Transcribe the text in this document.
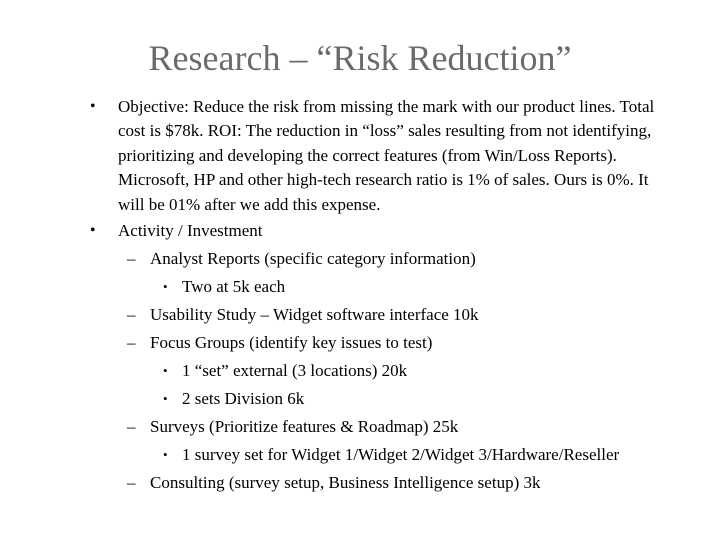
Research – “Risk Reduction”
• Objective: Reduce the risk from missing the mark with our product lines. Total
cost is $78k. ROI: The reduction in “loss” sales resulting from not identifying,
prioritizing and developing the correct features (from Win/Loss Reports).
Microsoft, HP and other high-tech research ratio is 1% of sales. Ours is 0%. It
will be 01% after we add this expense.
• Activity / Investment
– Analyst Reports (specific category information)
• Two at 5k each
– Usability Study – Widget software interface 10k
– Focus Groups (identify key issues to test)
• 1 “set” external (3 locations) 20k
• 2 sets Division 6k
– Surveys (Prioritize features & Roadmap) 25k
• 1 survey set for Widget 1/Widget 2/Widget 3/Hardware/Reseller
– Consulting (survey setup, Business Intelligence setup) 3k
